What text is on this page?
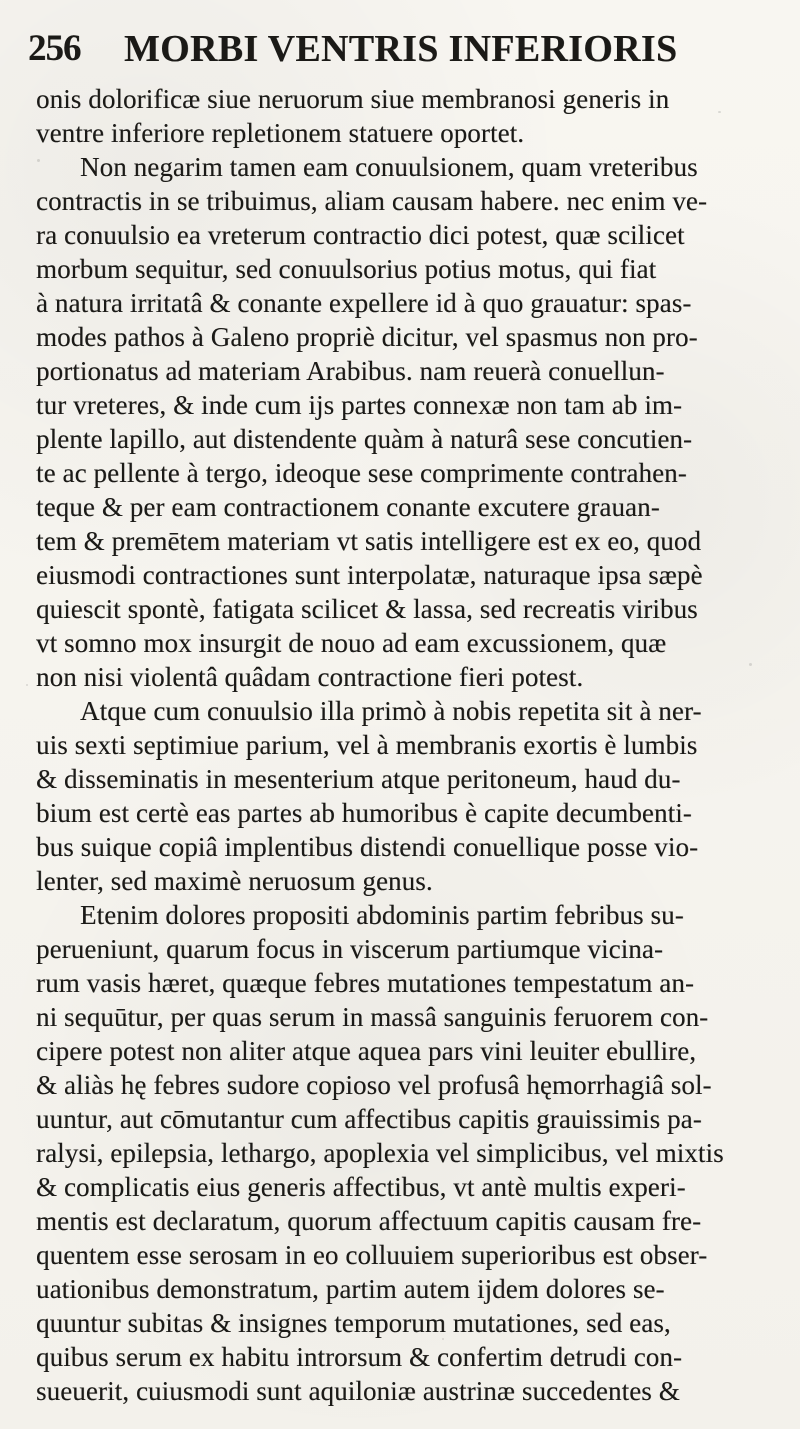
256	MORBI VENTRIS INFERIORIS
onis dolorificæ siue neruorum siue membranosi generis in
ventre inferiore repletionem statuere oportet.
Non negarim tamen eam conuulsionem, quam vreteribus
contractis in se tribuimus, aliam causam habere. nec enim ve-
ra conuulsio ea vreterum contractio dici potest, quæ scilicet
morbum sequitur, sed conuulsorius potius motus, qui fiat
à natura irritatâ & conante expellere id à quo grauatur: spas-
modes pathos à Galeno propriè dicitur, vel spasmus non pro-
portionatus ad materiam Arabibus. nam reuerà conuellun-
tur vreteres, & inde cum ijs partes connexæ non tam ab im-
plente lapillo, aut distendente quàm à naturâ sese concutien-
te ac pellente à tergo, ideoque sese comprimente contrahen-
teque & per eam contractionem conante excutere grauan-
tem & premētem materiam vt satis intelligere est ex eo, quod
eiusmodi contractiones sunt interpolatæ, naturaque ipsa sæpè
quiescit spontè, fatigata scilicet & lassa, sed recreatis viribus
vt somno mox insurgit de nouo ad eam excussionem, quæ
non nisi violentâ quâdam contractione fieri potest.
Atque cum conuulsio illa primò à nobis repetita sit à ner-
uis sexti septimiue parium, vel à membranis exortis è lumbis
& disseminatis in mesenterium atque peritoneum, haud du-
bium est certè eas partes ab humoribus è capite decumbenti-
bus suique copiâ implentibus distendi conuellique posse vio-
lenter, sed maximè neruosum genus.
Etenim dolores propositi abdominis partim febribus su-
perueniunt, quarum focus in viscerum partiumque vicina-
rum vasis hæret, quæque febres mutationes tempestatum an-
ni sequūtur, per quas serum in massâ sanguinis feruorem con-
cipere potest non aliter atque aquea pars vini leuiter ebullire,
& aliàs hę febres sudore copioso vel profusâ hęmorrhagiâ sol-
uuntur, aut cōmutantur cum affectibus capitis grauissimis pa-
ralysi, epilepsia, lethargo, apoplexia vel simplicibus, vel mixtis
& complicatis eius generis affectibus, vt antè multis experi-
mentis est declaratum, quorum affectuum capitis causam fre-
quentem esse serosam in eo colluuiem superioribus est obser-
uationibus demonstratum, partim autem ijdem dolores se-
quuntur subitas & insignes temporum mutationes, sed eas,
quibus serum ex habitu introrsum & confertim detrudi con-
sueuerit, cuiusmodi sunt aquiloniæ austrinæ succedentes &
